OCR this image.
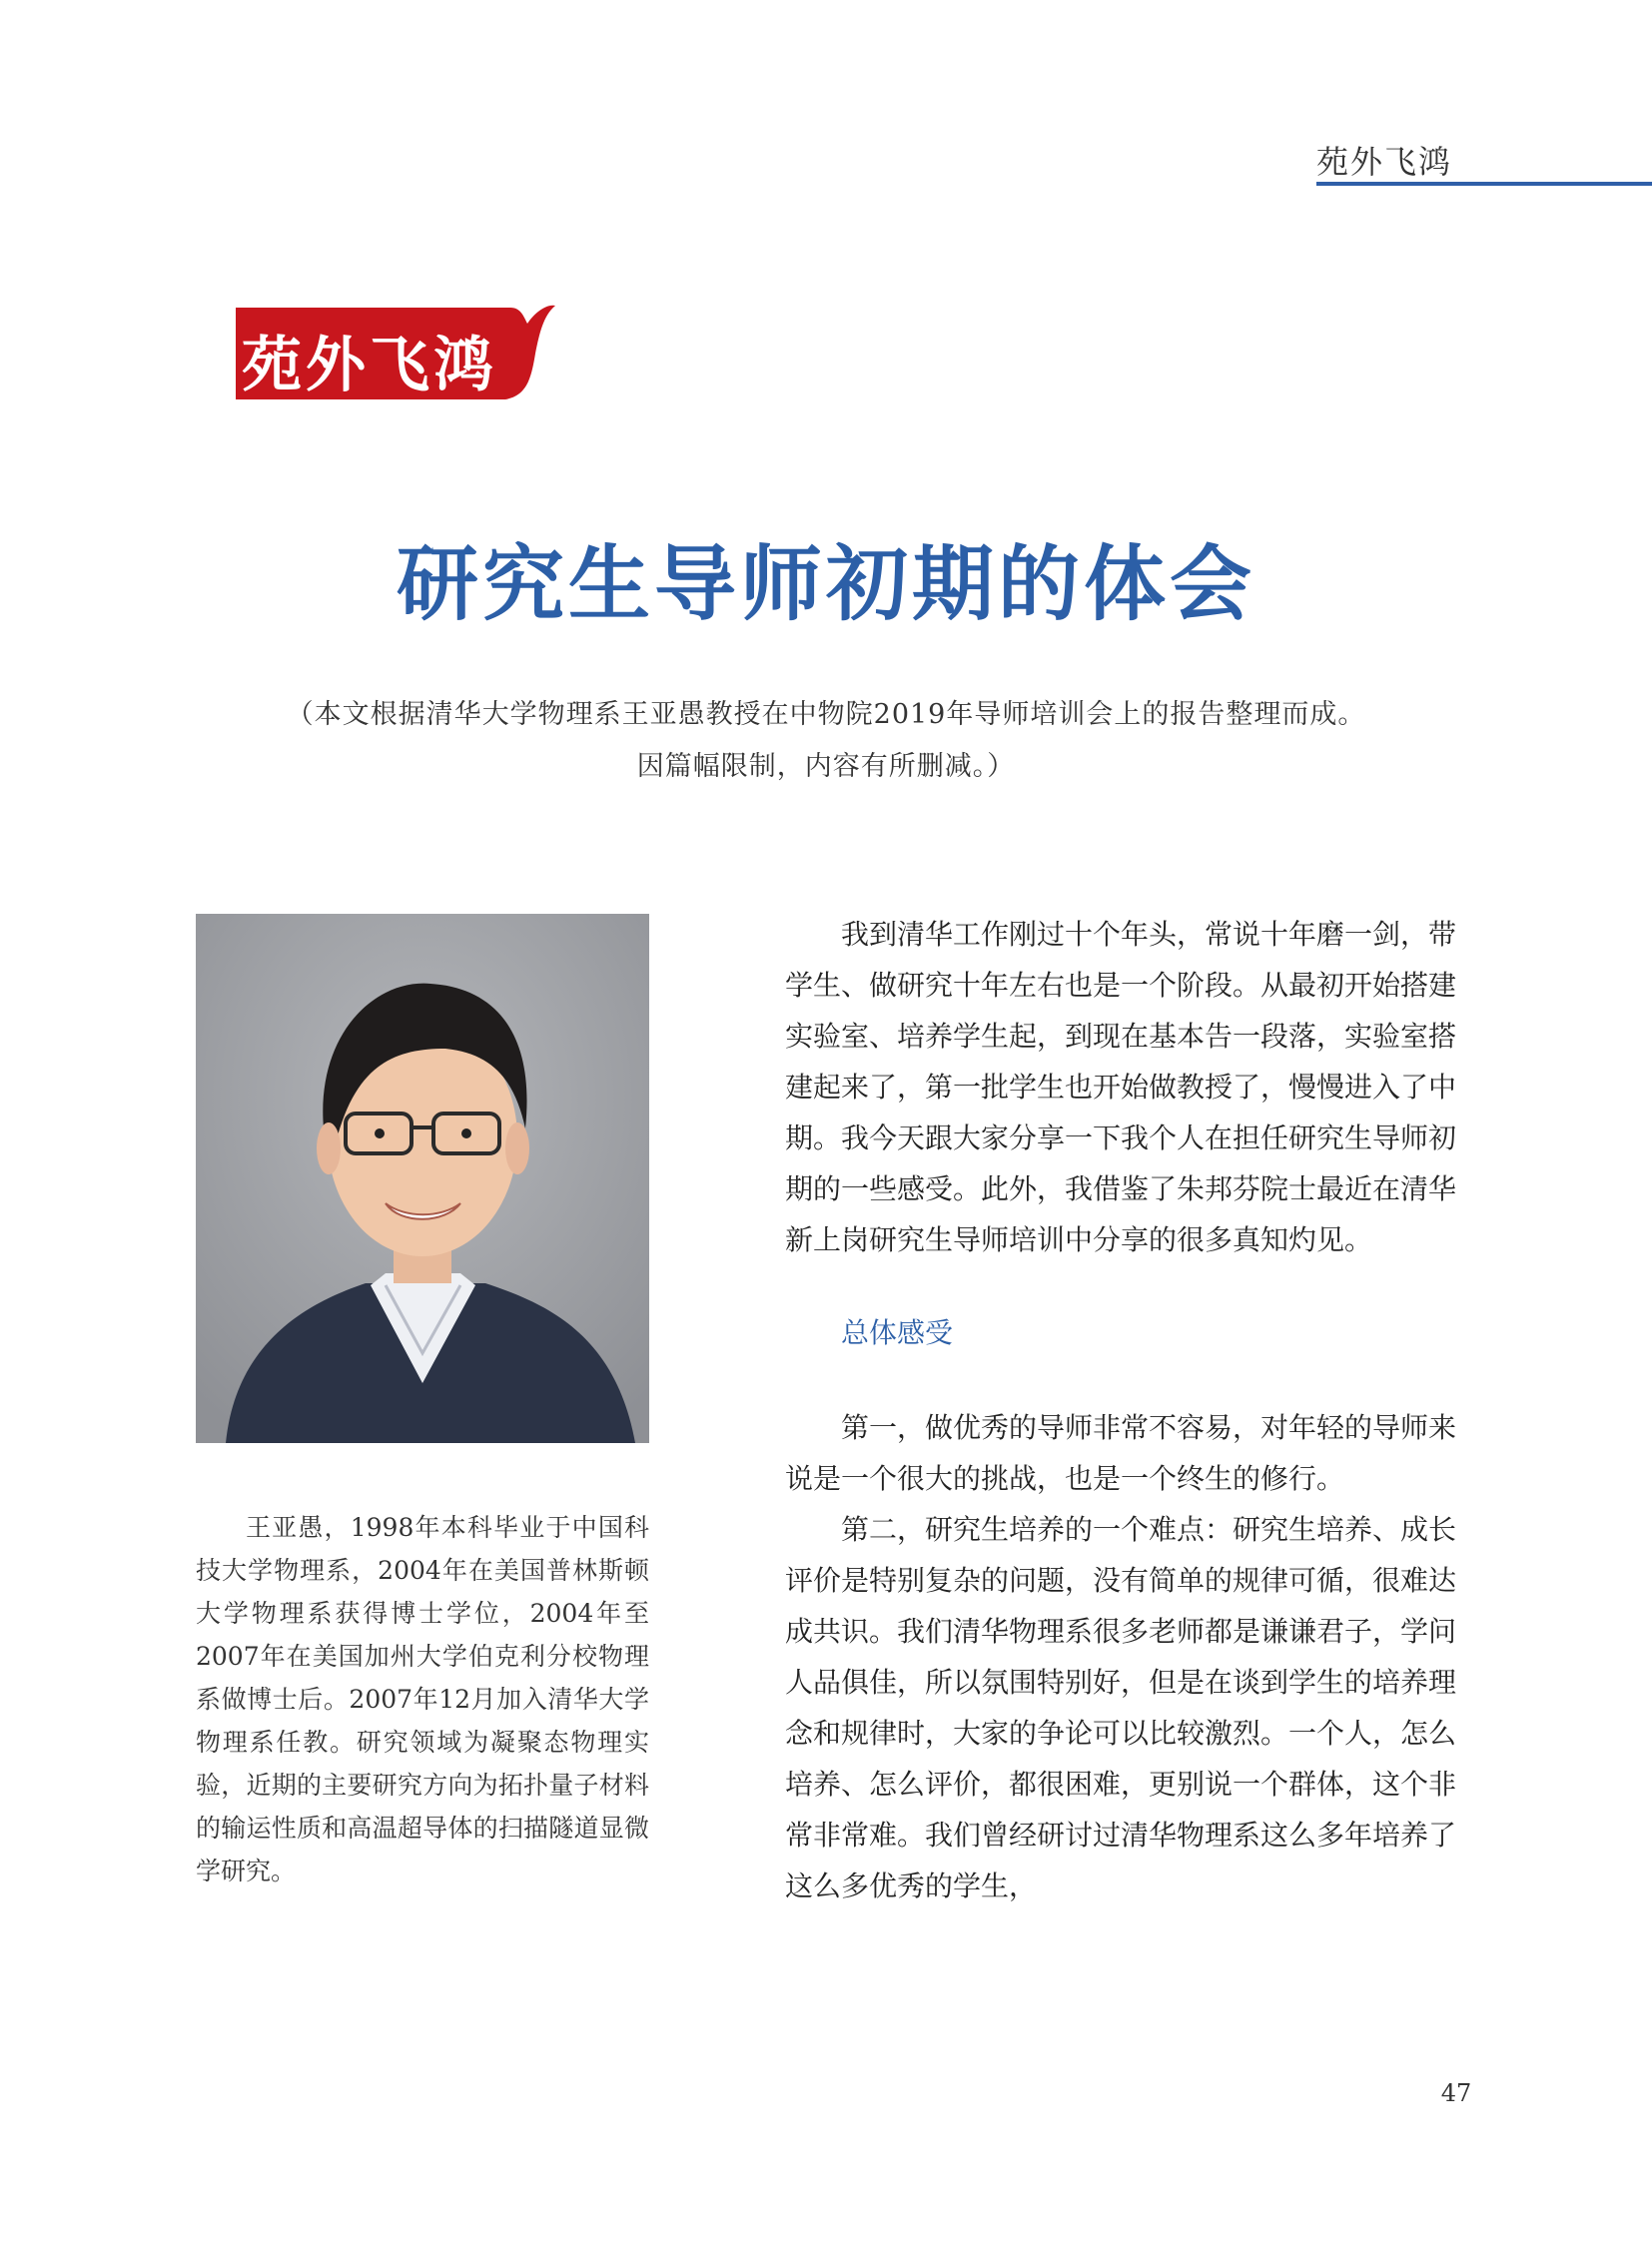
苑外飞鸿
苑外飞鸿
研究生导师初期的体会
（本文根据清华大学物理系王亚愚教授在中物院2019年导师培训会上的报告整理而成。
因篇幅限制，内容有所删减。）

王亚愚，1998年本科毕业于中国科技大学物理系，2004年在美国普林斯顿大学物理系获得博士学位，2004年至2007年在美国加州大学伯克利分校物理系做博士后。2007年12月加入清华大学物理系任教。研究领域为凝聚态物理实验，近期的主要研究方向为拓扑量子材料的输运性质和高温超导体的扫描隧道显微学研究。

我到清华工作刚过十个年头，常说十年磨一剑，带学生、做研究十年左右也是一个阶段。从最初开始搭建实验室、培养学生起，到现在基本告一段落，实验室搭建起来了，第一批学生也开始做教授了，慢慢进入了中期。我今天跟大家分享一下我个人在担任研究生导师初期的一些感受。此外，我借鉴了朱邦芬院士最近在清华新上岗研究生导师培训中分享的很多真知灼见。

总体感受

第一，做优秀的导师非常不容易，对年轻的导师来说是一个很大的挑战，也是一个终生的修行。

第二，研究生培养的一个难点：研究生培养、成长评价是特别复杂的问题，没有简单的规律可循，很难达成共识。我们清华物理系很多老师都是谦谦君子，学问人品俱佳，所以氛围特别好，但是在谈到学生的培养理念和规律时，大家的争论可以比较激烈。一个人，怎么培养、怎么评价，都很困难，更别说一个群体，这个非常非常难。我们曾经研讨过清华物理系这么多年培养了这么多优秀的学生，

47
